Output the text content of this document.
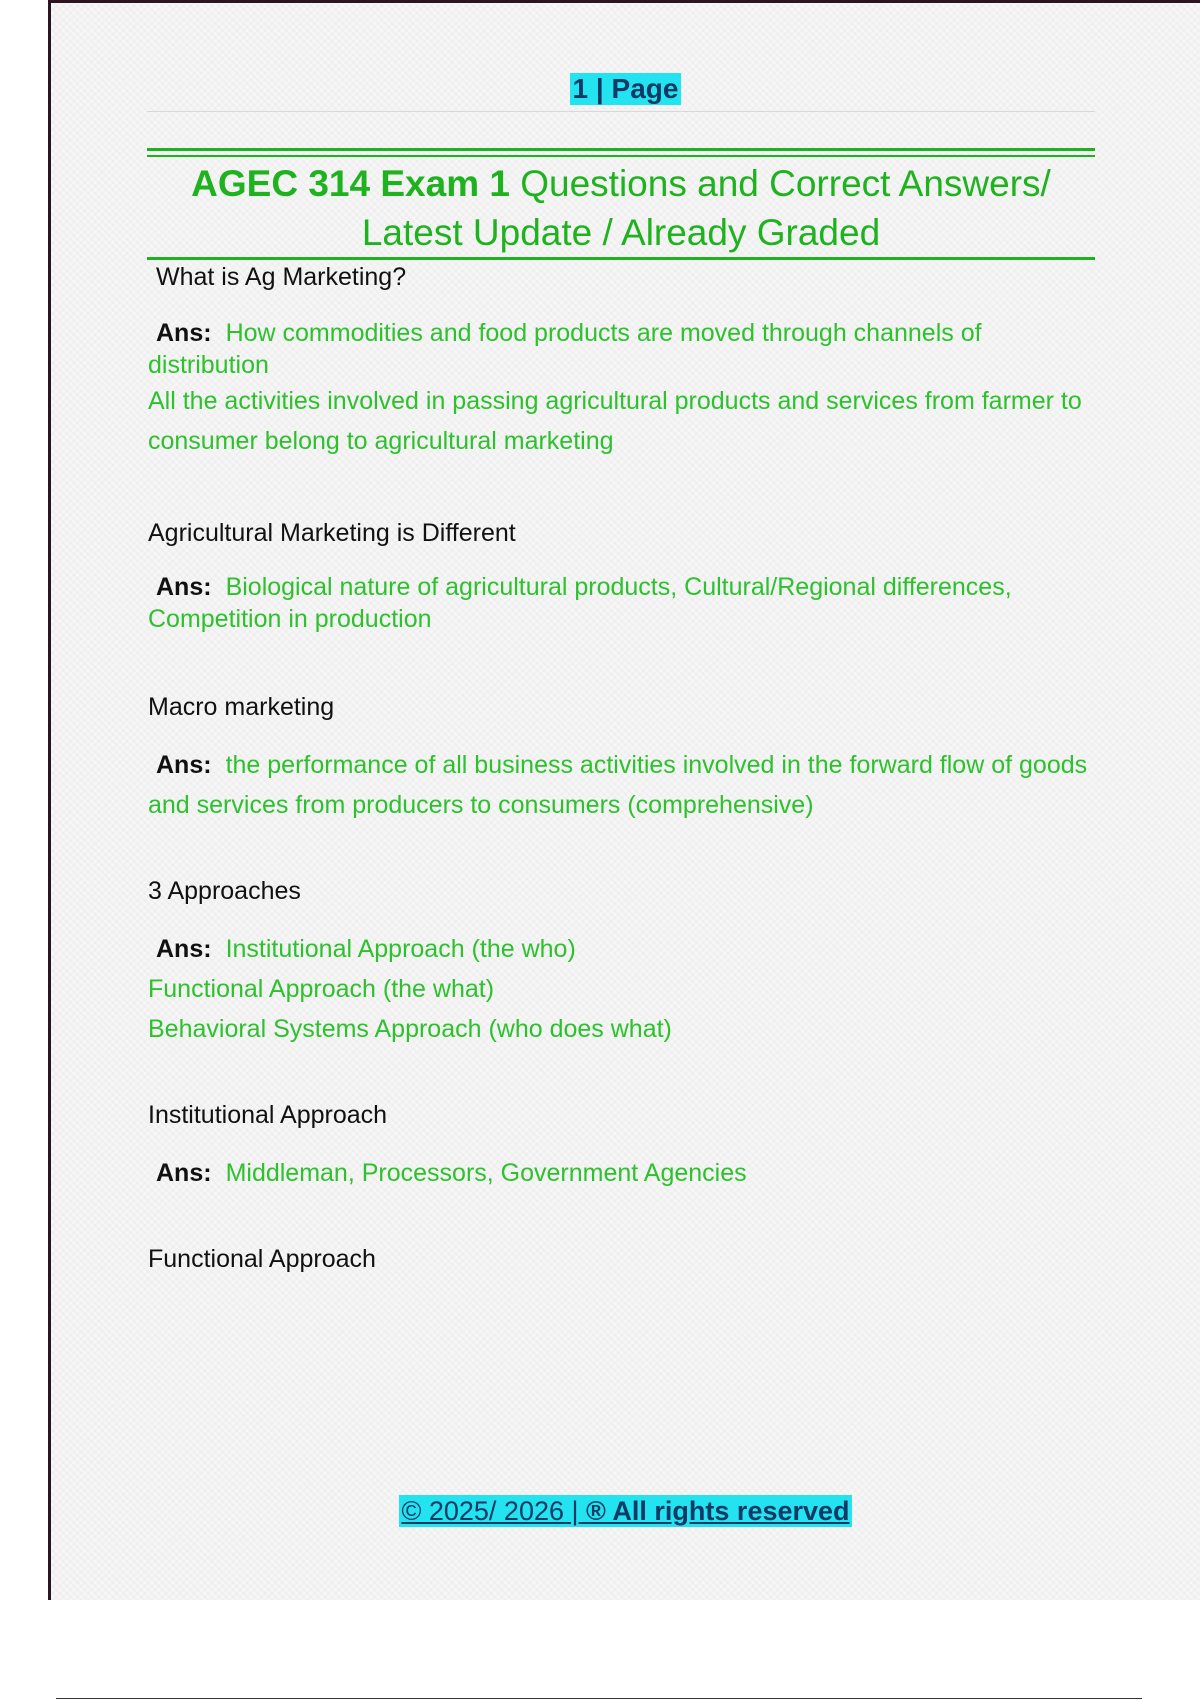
1 | Page
AGEC 314 Exam 1 Questions and Correct Answers/
Latest Update / Already Graded
What is Ag Marketing?
Ans: How commodities and food products are moved through channels of distribution
All the activities involved in passing agricultural products and services from farmer to consumer belong to agricultural marketing
Agricultural Marketing is Different
Ans: Biological nature of agricultural products, Cultural/Regional differences, Competition in production
Macro marketing
Ans: the performance of all business activities involved in the forward flow of goods and services from producers to consumers (comprehensive)
3 Approaches
Ans: Institutional Approach (the who)
Functional Approach (the what)
Behavioral Systems Approach (who does what)
Institutional Approach
Ans: Middleman, Processors, Government Agencies
Functional Approach
© 2025/ 2026 | ® All rights reserved
